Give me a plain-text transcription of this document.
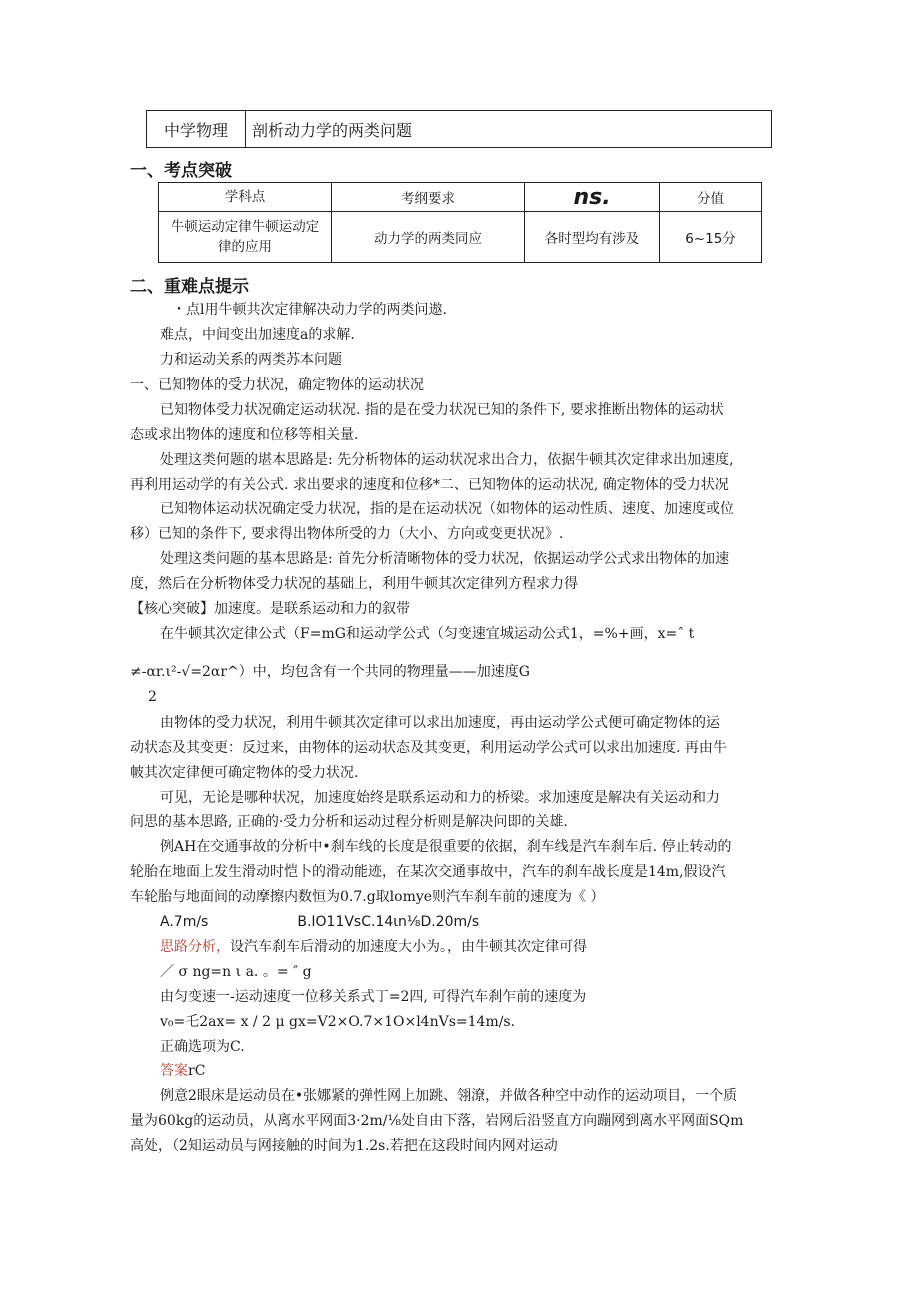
中学物理	剖析动力学的两类问题
一、考点突破
学科点	考纲要求	ns.	分值

牛顿运动定律牛顿运动定
律的应用	动力学的两类同应	各时型均有涉及	6~15分
二、重难点提示
・点l用牛顿共次定律解决动力学的两类问遨.
难点，中间变出加速度a的求解.
力和运动关系的两类苏本问题
一、已知物体的受力状况，确定物体的运动状况
已知物体受力状况确定运动状况. 指的是在受力状况已知的条件下, 要求推断出物体的运动状
态或求出物体的速度和位移等相关量.
处理这类何题的堪本思路是: 先分析物体的运动状况求出合力，依据牛顿其次定律求出加速度,
再利用运动学的有关公式. 求出要求的速度和位移*二、已知物体的运动状况, 确定物体的受力状况
已知物体运动状况确定受力状况，指的是在运动状况（如物体的运动性质、速度、加速度或位
移）已知的条件下, 要求得出物体所受的力（大小、方向或变更状况》.
处理这类问题的基本思路是: 首先分析清晰物体的受力状况，依据运动学公式求出物体的加速
度，然后在分析物体受力状况的基础上，利用牛顿其次定律列方程求力得
【核心突破】加速度。是联系运动和力的叙带
在牛顿其次定律公式（F=mG和运动学公式（匀变速宜城运动公式1，=%+画，x=ˆ t
≠-αr.ι²-√=2αr^）中，均包含有一个共同的物理量——加速度G
2
由物体的受力状况，利用牛顿其次定律可以求出加速度，再由运动学公式便可确定物体的运
动状态及其变更：反过来，由物体的运动状态及其变更，利用运动学公式可以求出加速度. 再由牛
帔其次定律便可确定物体的受力状况.
可见，无论是哪种状况，加速度始终是联系运动和力的桥梁。求加速度是解决有关运动和力
问思的基本思路, 正确的·受力分析和运动过程分析则是解决问即的关雄.
例AH在交通事故的分析中•刹车线的长度是很重要的依据，刹车线是汽车刹车后. 停止转动的
轮胎在地面上发生滑动时恺卜的滑动能迹，在某次交通事故中，汽车的刹车战长度是14m,假设汽
车轮胎与地面间的动摩擦内数恒为0.7.g取lomye则汽车刹车前的速度为《 ）
A.7m/s                    B.IO11VsC.14ιn⅛D.20m/s
思路分析，设汽车刹车后滑动的加速度大小为。，由牛顿其次定律可得
／ σ ng=n ι a. 。= ″ g
由匀变速一-运动速度一位移关系式丁=2四, 可得汽车刹乍前的速度为
v₀=乇2ax= x / 2 μ gx=V2×O.7×1O×l4nVs=14m∕s.
正确选项为C.
答案rC
例意2眼床是运动员在•张娜紧的弹性网上加跳、翎潦，并做各种空中动作的运动项目，一个质
量为60kg的运动员，从离水平网面3·2m∕⅛处自由下落，岩网后沿竖直方向蹦网到离水平网面SQm
高处，（2知运动员与网接触的时间为1.2s.若把在这段时间内网对运动
